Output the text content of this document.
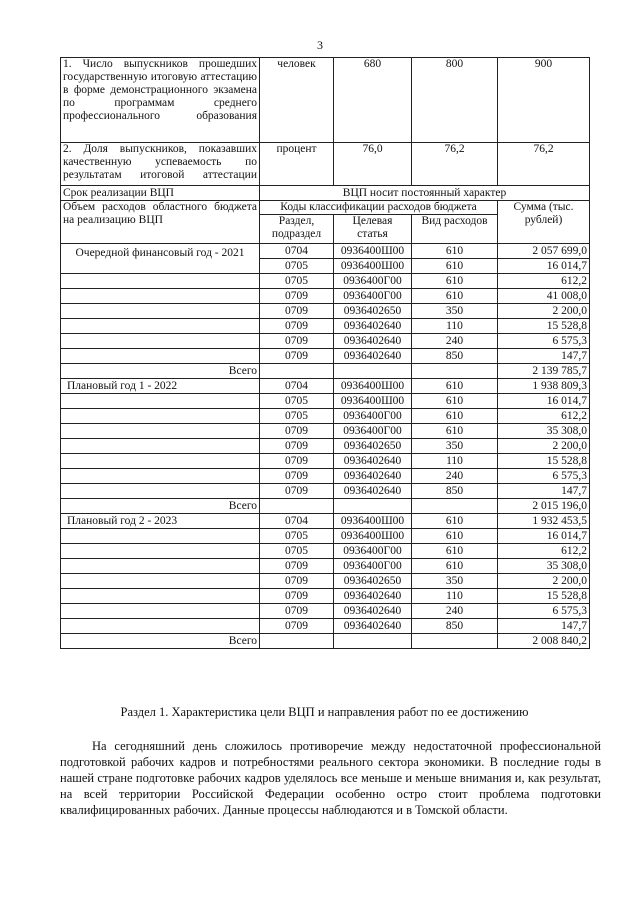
3
1. Число выпускников прошедших государственную итоговую аттестацию в форме демонстрационного экзамена по программам среднего профессионального образования	человек	680	800	900
2. Доля выпускников, показавших качественную успеваемость по результатам итоговой аттестации	процент	76,0	76,2	76,2
Срок реализации ВЦП	ВЦП носит постоянный характер			
Объем расходов областного бюджета на реализацию ВЦП	Коды классификации расходов бюджета			Сумма (тыс. рублей)
	Раздел, подраздел	Целевая статья	Вид расходов	
Очередной финансовый год - 2021	0704	0936400Ш00	610	2 057 699,0
	0705	0936400Ш00	610	16 014,7
	0705	0936400Г00	610	612,2
	0709	0936400Г00	610	41 008,0
	0709	0936402650	350	2 200,0
	0709	0936402640	110	15 528,8
	0709	0936402640	240	6 575,3
	0709	0936402640	850	147,7
Всего				2 139 785,7
Плановый год 1 - 2022	0704	0936400Ш00	610	1 938 809,3
	0705	0936400Ш00	610	16 014,7
	0705	0936400Г00	610	612,2
	0709	0936400Г00	610	35 308,0
	0709	0936402650	350	2 200,0
	0709	0936402640	110	15 528,8
	0709	0936402640	240	6 575,3
	0709	0936402640	850	147,7
Всего				2 015 196,0
Плановый год 2 - 2023	0704	0936400Ш00	610	1 932 453,5
	0705	0936400Ш00	610	16 014,7
	0705	0936400Г00	610	612,2
	0709	0936400Г00	610	35 308,0
	0709	0936402650	350	2 200,0
	0709	0936402640	110	15 528,8
	0709	0936402640	240	6 575,3
	0709	0936402640	850	147,7
Всего				2 008 840,2
Раздел 1. Характеристика цели ВЦП и направления работ по ее достижению
На сегодняшний день сложилось противоречие между недостаточной профессиональной подготовкой рабочих кадров и потребностями реального сектора экономики. В последние годы в нашей стране подготовке рабочих кадров уделялось все меньше и меньше внимания и, как результат, на всей территории Российской Федерации особенно остро стоит проблема подготовки квалифицированных рабочих. Данные процессы наблюдаются и в Томской области.
